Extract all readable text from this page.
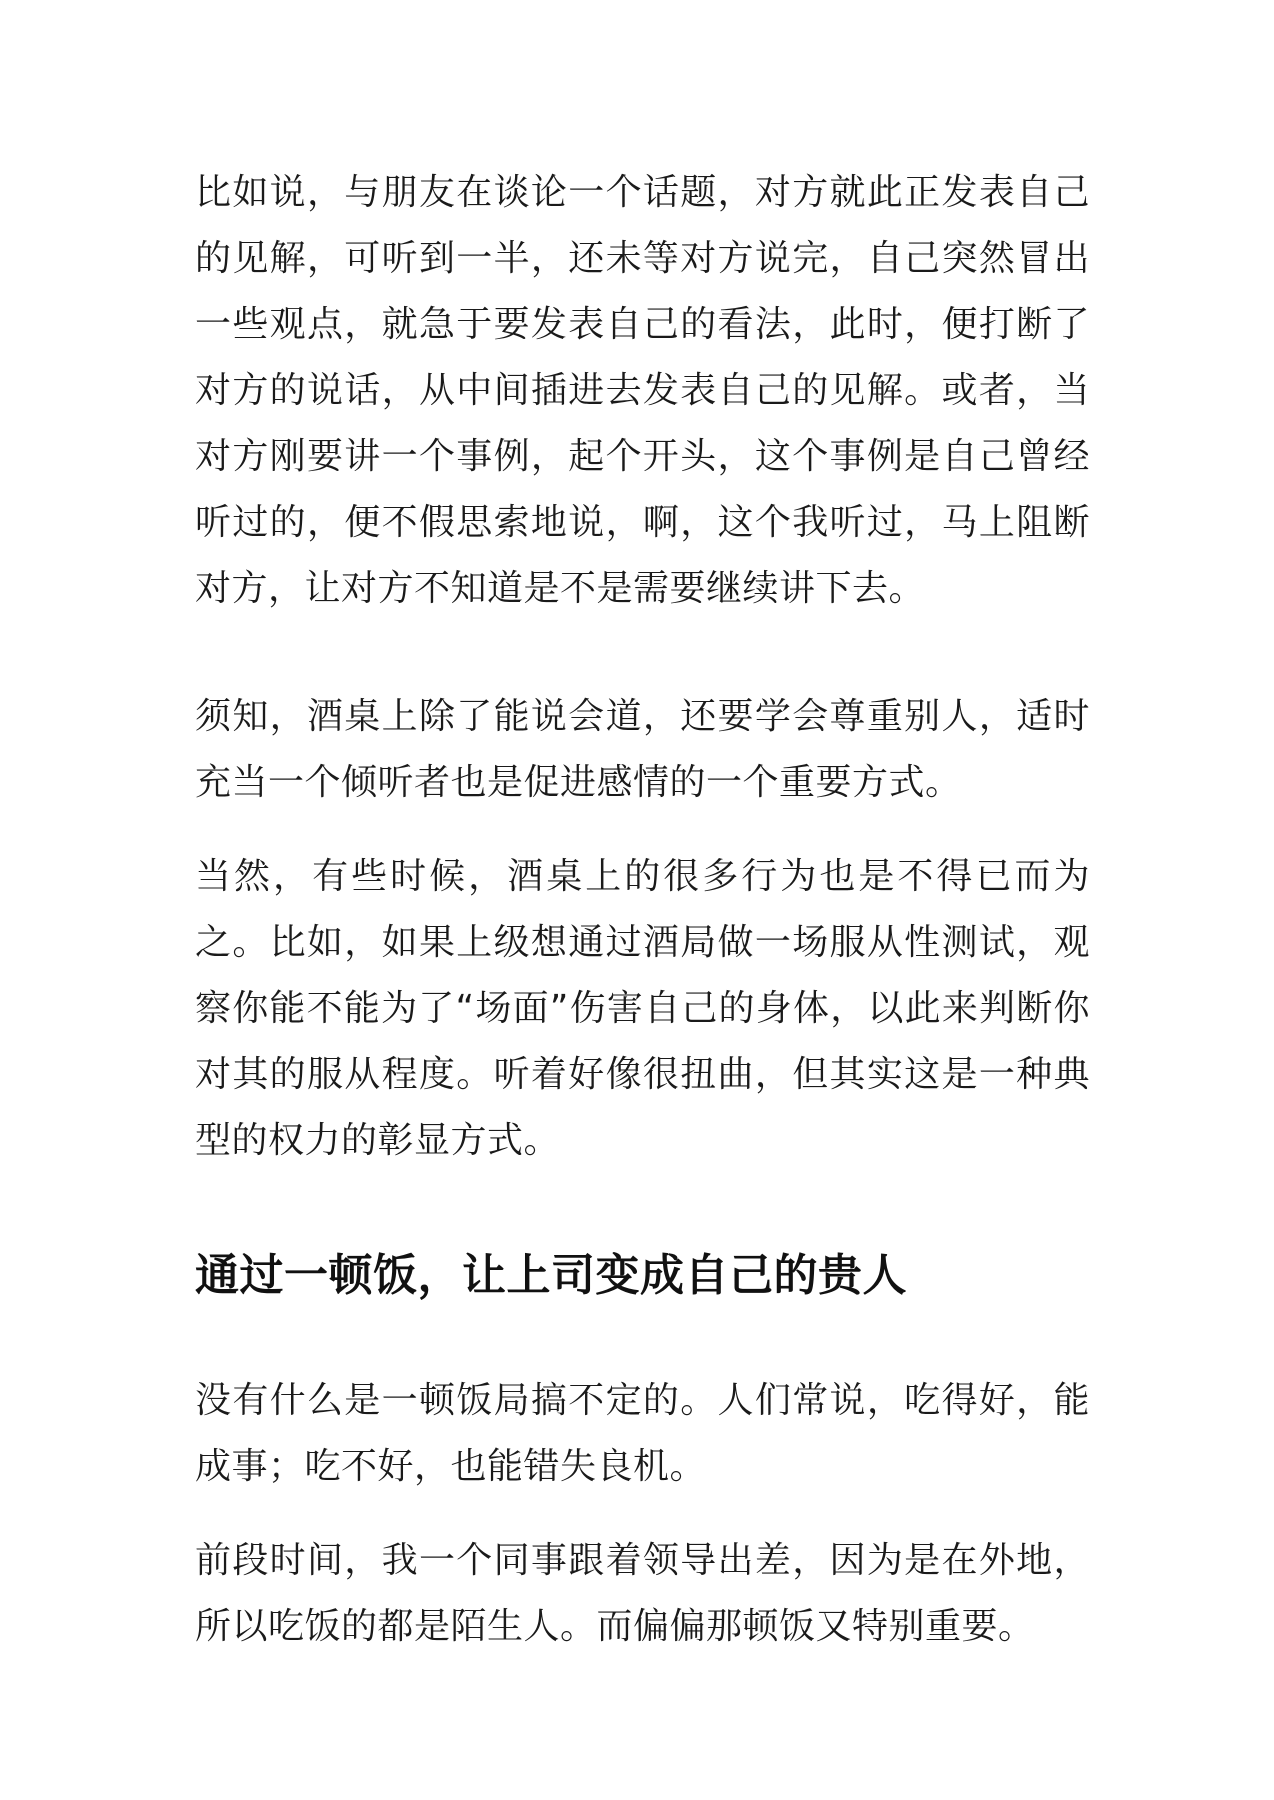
比如说，与朋友在谈论一个话题，对方就此正发表自己的见解，可听到一半，还未等对方说完，自己突然冒出一些观点，就急于要发表自己的看法，此时，便打断了对方的说话，从中间插进去发表自己的见解。或者，当对方刚要讲一个事例，起个开头，这个事例是自己曾经听过的，便不假思索地说，啊，这个我听过，马上阻断对方，让对方不知道是不是需要继续讲下去。

须知，酒桌上除了能说会道，还要学会尊重别人，适时充当一个倾听者也是促进感情的一个重要方式。

当然，有些时候，酒桌上的很多行为也是不得已而为之。比如，如果上级想通过酒局做一场服从性测试，观察你能不能为了“场面”伤害自己的身体，以此来判断你对其的服从程度。听着好像很扭曲，但其实这是一种典型的权力的彰显方式。

通过一顿饭，让上司变成自己的贵人

没有什么是一顿饭局搞不定的。人们常说，吃得好，能成事；吃不好，也能错失良机。

前段时间，我一个同事跟着领导出差，因为是在外地，所以吃饭的都是陌生人。而偏偏那顿饭又特别重要。
